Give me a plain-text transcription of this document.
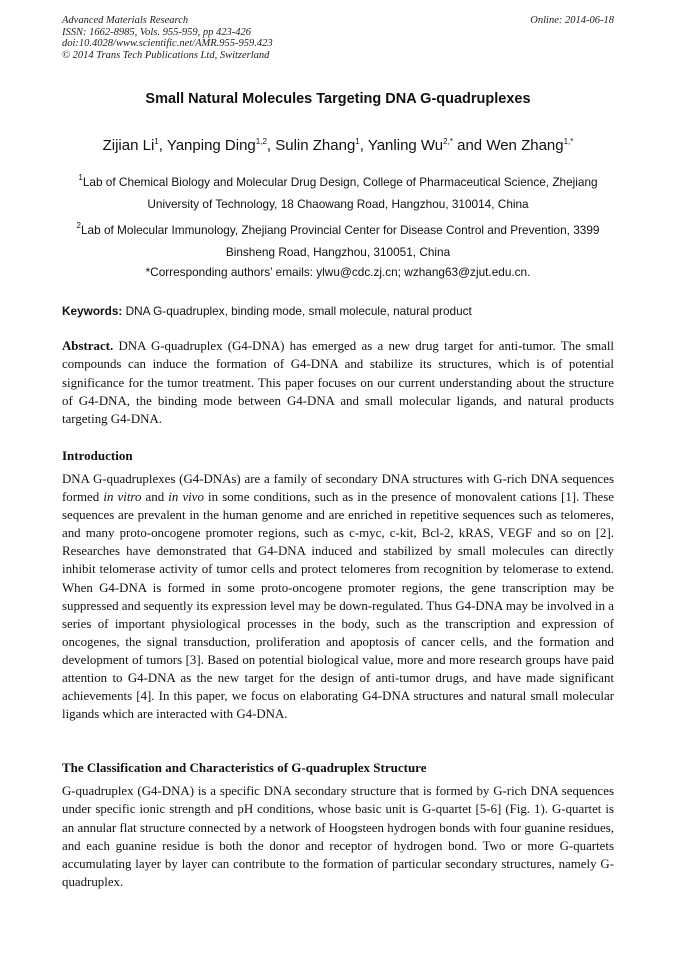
Advanced Materials Research
ISSN: 1662-8985, Vols. 955-959, pp 423-426
doi:10.4028/www.scientific.net/AMR.955-959.423
© 2014 Trans Tech Publications Ltd, Switzerland
Online: 2014-06-18
Small Natural Molecules Targeting DNA G-quadruplexes
Zijian Li$^1$, Yanping Ding$^{1,2}$, Sulin Zhang$^1$, Yanling $Wu^{2,*}$ and Wen Zhang$^{1,*}$
$^1$Lab of Chemical Biology and Molecular Drug Design, College of Pharmaceutical Science, Zhejiang University of Technology, 18 Chaowang Road, Hangzhou, 310014, China
$^2$Lab of Molecular Immunology, Zhejiang Provincial Center for Disease Control and Prevention, 3399 Binsheng Road, Hangzhou, 310051, China
*Corresponding authors’ emails: ylwu@cdc.zj.cn; wzhang63@zjut.edu.cn.
Keywords: DNA G-quadruplex, binding mode, small molecule, natural product
Abstract. DNA G-quadruplex (G4-DNA) has emerged as a new drug target for anti-tumor. The small compounds can induce the formation of G4-DNA and stabilize its structures, which is of potential significance for the tumor treatment. This paper focuses on our current understanding about the structure of G4-DNA, the binding mode between G4-DNA and small molecular ligands, and natural products targeting G4-DNA.
Introduction
DNA G-quadruplexes (G4-DNAs) are a family of secondary DNA structures with G-rich DNA sequences formed in vitro and in vivo in some conditions, such as in the presence of monovalent cations [1]. These sequences are prevalent in the human genome and are enriched in repetitive sequences such as telomeres, and many proto-oncogene promoter regions, such as c-myc, c-kit, Bcl-2, kRAS, VEGF and so on [2]. Researches have demonstrated that G4-DNA induced and stabilized by small molecules can directly inhibit telomerase activity of tumor cells and protect telomeres from recognition by telomerase to extend. When G4-DNA is formed in some proto-oncogene promoter regions, the gene transcription may be suppressed and sequently its expression level may be down-regulated. Thus G4-DNA may be involved in a series of important physiological processes in the body, such as the transcription and expression of oncogenes, the signal transduction, proliferation and apoptosis of cancer cells, and the formation and development of tumors [3]. Based on potential biological value, more and more research groups have paid attention to G4-DNA as the new target for the design of anti-tumor drugs, and have made significant achievements [4]. In this paper, we focus on elaborating G4-DNA structures and natural small molecular ligands which are interacted with G4-DNA.
The Classification and Characteristics of G-quadruplex Structure
G-quadruplex (G4-DNA) is a specific DNA secondary structure that is formed by G-rich DNA sequences under specific ionic strength and pH conditions, whose basic unit is G-quartet [5-6] (Fig. 1). G-quartet is an annular flat structure connected by a network of Hoogsteen hydrogen bonds with four guanine residues, and each guanine residue is both the donor and receptor of hydrogen bond. Two or more G-quartets accumulating layer by layer can contribute to the formation of particular secondary structures, namely G-quadruplex.
